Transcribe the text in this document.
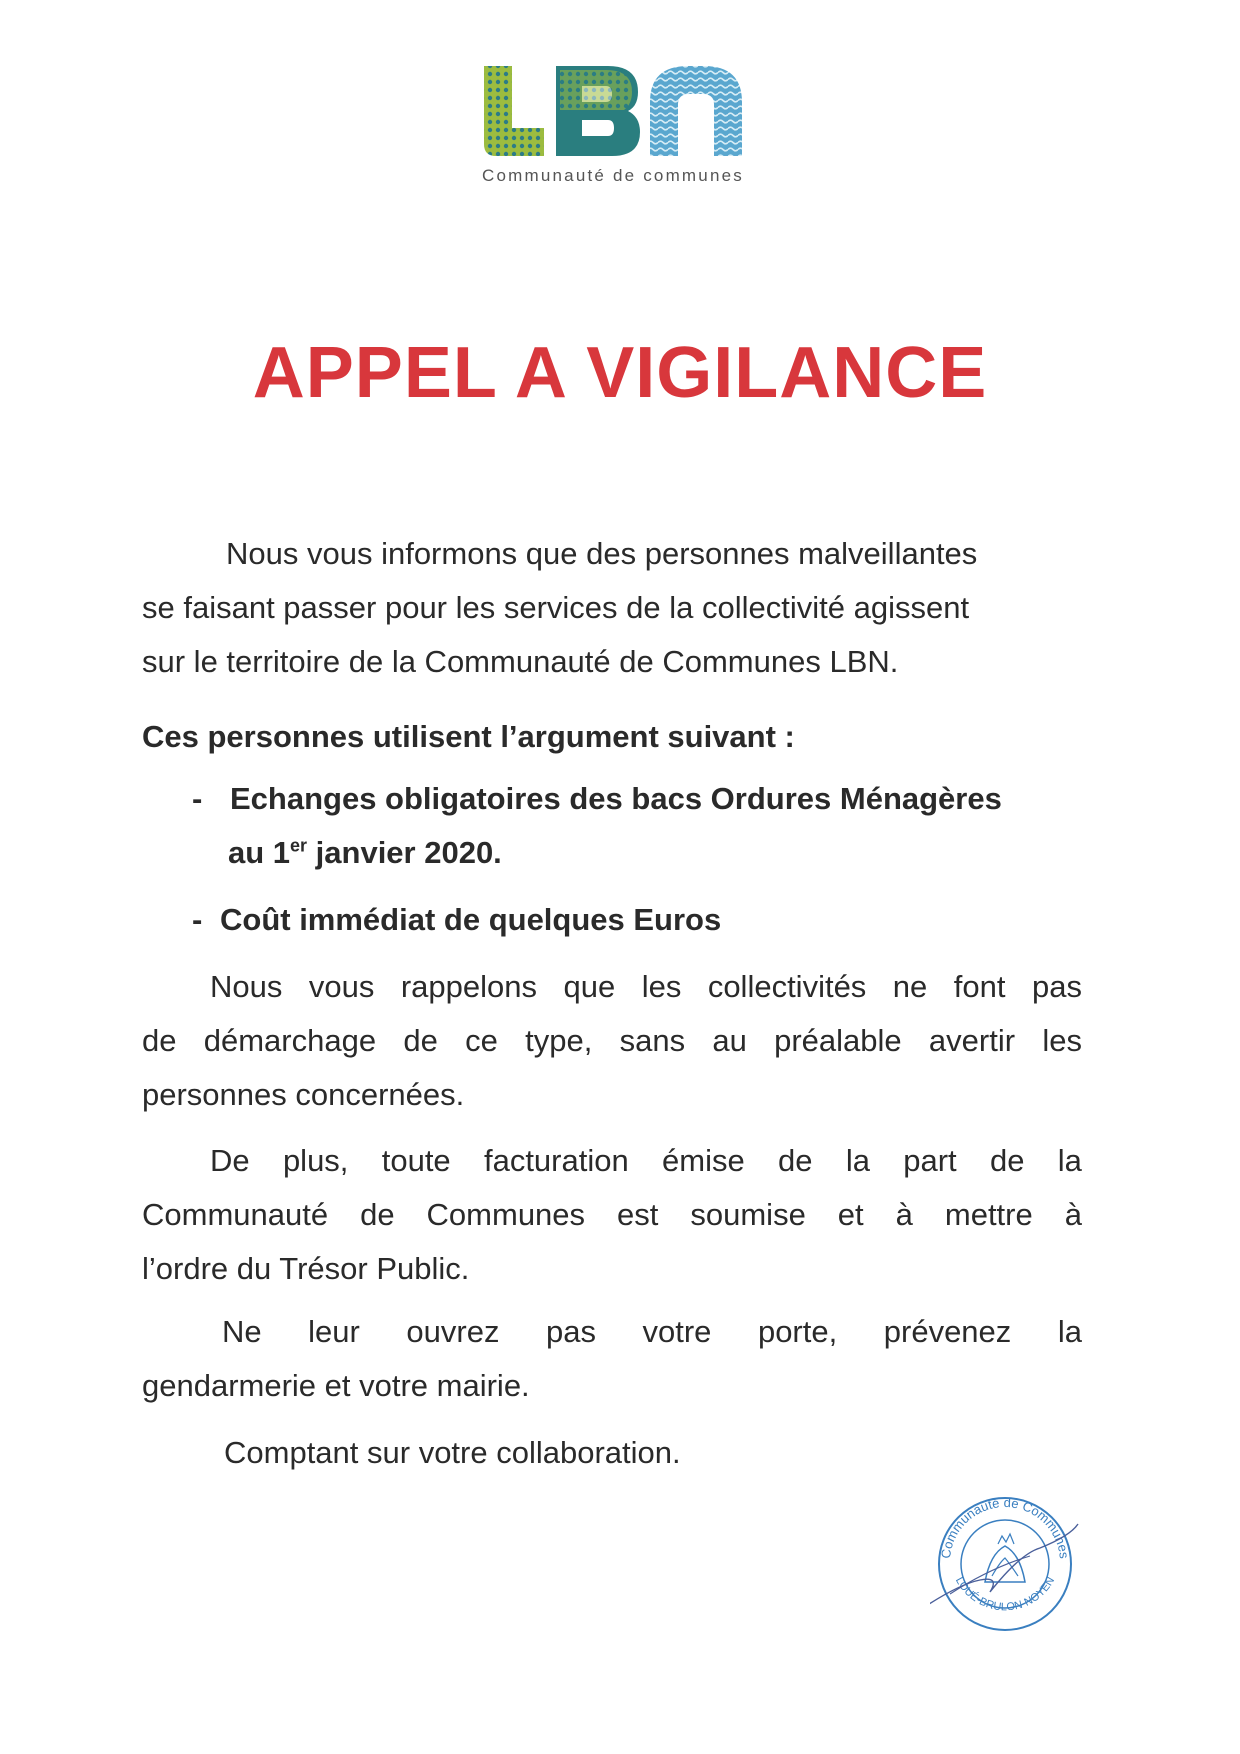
Communauté de communes
APPEL A VIGILANCE
Nous vous informons que des personnes malveillantes
se faisant passer pour les services de la collectivité agissent
sur le territoire de la Communauté de Communes LBN.
Ces personnes utilisent l’argument suivant :
- Echanges obligatoires des bacs Ordures Ménagères
au 1er janvier 2020.
- Coût immédiat de quelques Euros
Nous vous rappelons que les collectivités ne font pas
de démarchage de ce type, sans au préalable avertir les
personnes concernées.
De plus, toute facturation émise de la part de la
Communauté de Communes est soumise et à mettre à
l’ordre du Trésor Public.
Ne leur ouvrez pas votre porte, prévenez la
gendarmerie et votre mairie.
Comptant sur votre collaboration.
Communauté de Communes
LOUÉ-BRULON-NOYEN
